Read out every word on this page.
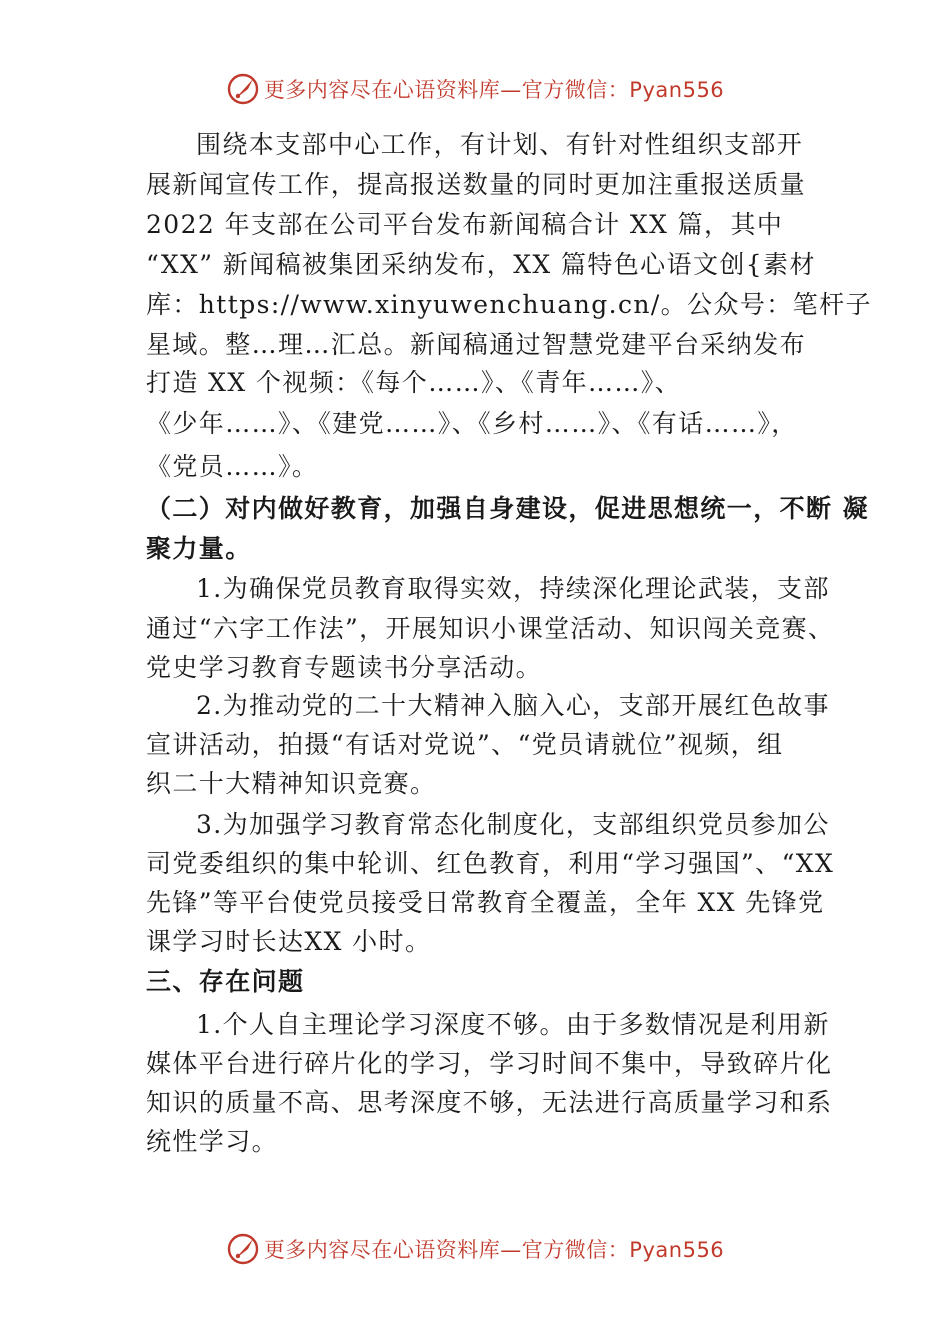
更多内容尽在心语资料库—官方微信：Pyan556
围绕本支部中心工作，有计划、有针对性组织支部开
展新闻宣传工作，提高报送数量的同时更加注重报送质量
2022 年支部在公司平台发布新闻稿合计 XX 篇，其中
“XX” 新闻稿被集团采纳发布，XX 篇特色心语文创{素材
库：https://www.xinyuwenchuang.cn/。公众号：笔杆子
星域。整…理…汇总。新闻稿通过智慧党建平台采纳发布
打造 XX 个视频：《每个……》、《青年……》、
《少年……》、《建党……》、《乡村……》、《有话……》，
《党员……》。
（二）对内做好教育，加强自身建设，促进思想统一，不断 凝
聚力量。
1.为确保党员教育取得实效，持续深化理论武装，支部
通过“六字工作法”，开展知识小课堂活动、知识闯关竞赛、
党史学习教育专题读书分享活动。
2.为推动党的二十大精神入脑入心，支部开展红色故事
宣讲活动，拍摄“有话对党说”、“党员请就位”视频，组
织二十大精神知识竞赛。
3.为加强学习教育常态化制度化，支部组织党员参加公
司党委组织的集中轮训、红色教育，利用“学习强国”、“XX
先锋”等平台使党员接受日常教育全覆盖，全年 XX 先锋党
课学习时长达XX 小时。
三、存在问题
1.个人自主理论学习深度不够。由于多数情况是利用新
媒体平台进行碎片化的学习，学习时间不集中，导致碎片化
知识的质量不高、思考深度不够，无法进行高质量学习和系
统性学习。
更多内容尽在心语资料库—官方微信：Pyan556
